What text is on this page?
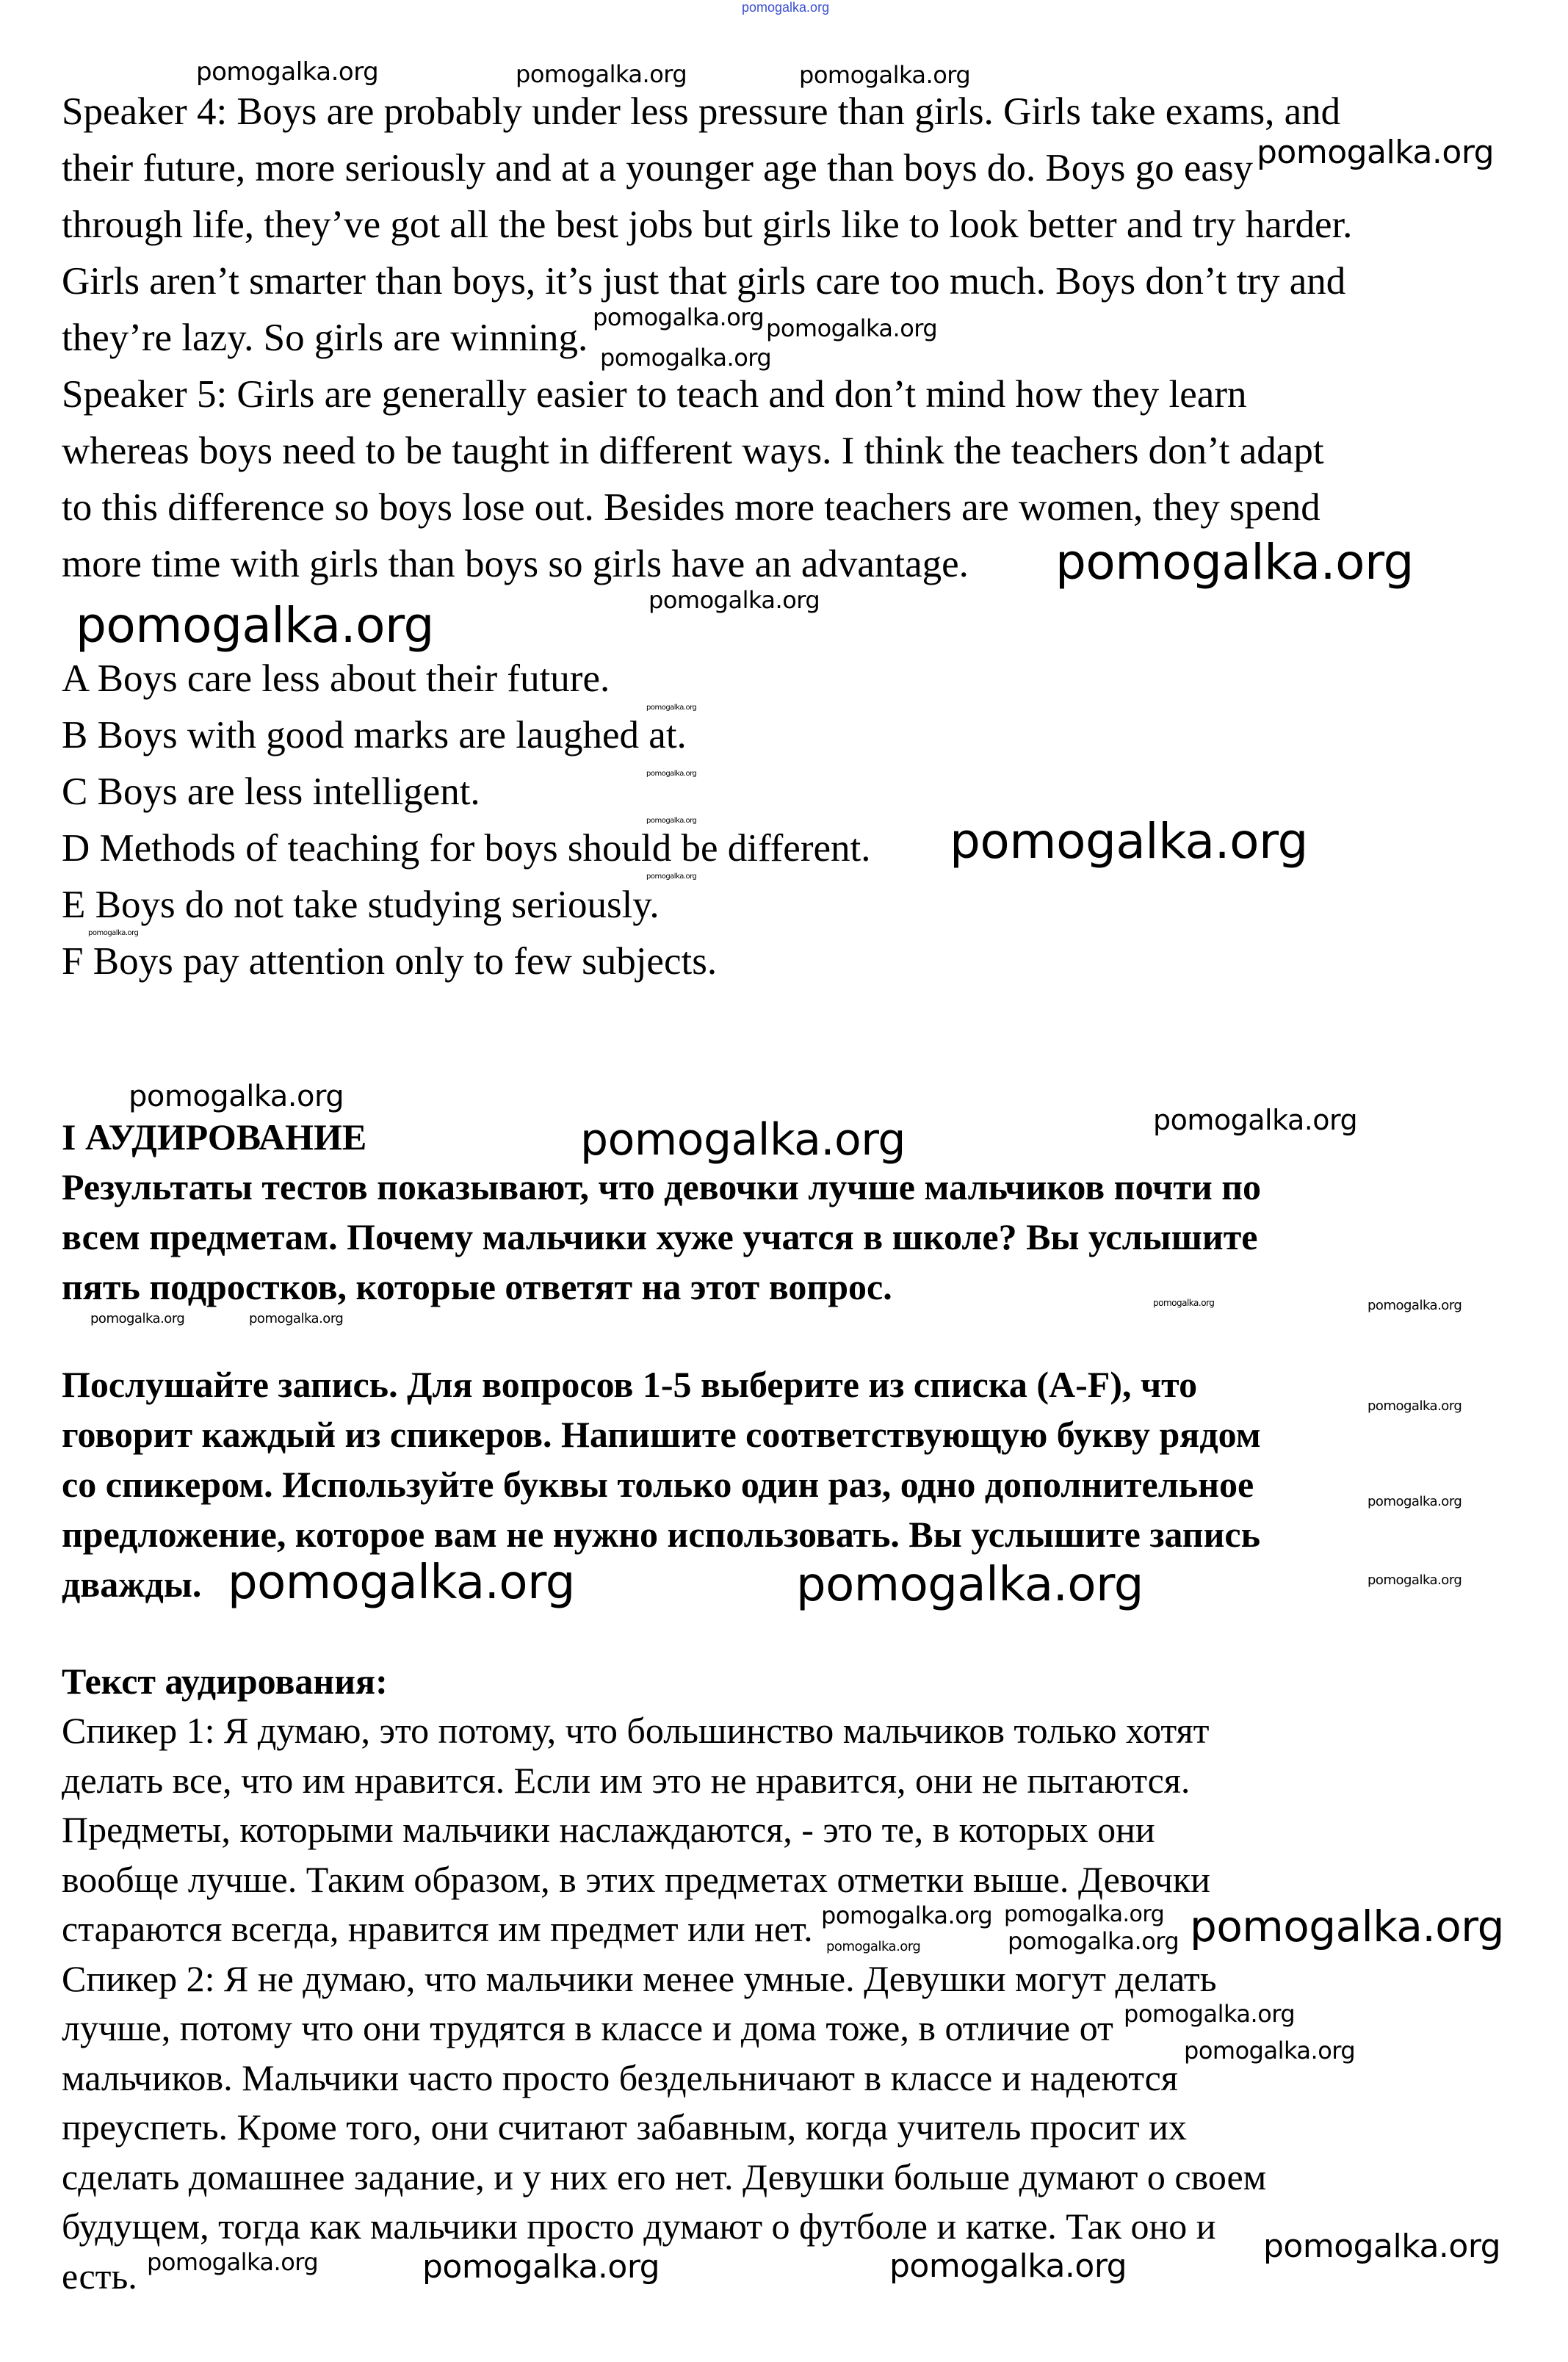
pomogalka.org
Speaker 4: Boys are probably under less pressure than girls. Girls take exams, and
their future, more seriously and at a younger age than boys do. Boys go easy
through life, they’ve got all the best jobs but girls like to look better and try harder.
Girls aren’t smarter than boys, it’s just that girls care too much. Boys don’t try and
they’re lazy. So girls are winning.
Speaker 5: Girls are generally easier to teach and don’t mind how they learn
whereas boys need to be taught in different ways. I think the teachers don’t adapt
to this difference so boys lose out. Besides more teachers are women, they spend
more time with girls than boys so girls have an advantage.
A Boys care less about their future.
B Boys with good marks are laughed at.
C Boys are less intelligent.
D Methods of teaching for boys should be different.
E Boys do not take studying seriously.
F Boys pay attention only to few subjects.
I АУДИРОВАНИЕ
Результаты тестов показывают, что девочки лучше мальчиков почти по
всем предметам. Почему мальчики хуже учатся в школе? Вы услышите
пять подростков, которые ответят на этот вопрос.
Послушайте запись. Для вопросов 1-5 выберите из списка (A-F), что
говорит каждый из спикеров. Напишите соответствующую букву рядом
со спикером. Используйте буквы только один раз, одно дополнительное
предложение, которое вам не нужно использовать. Вы услышите запись
дважды.
Текст аудирования:
Спикер 1: Я думаю, это потому, что большинство мальчиков только хотят
делать все, что им нравится. Если им это не нравится, они не пытаются.
Предметы, которыми мальчики наслаждаются, - это те, в которых они
вообще лучше. Таким образом, в этих предметах отметки выше. Девочки
стараются всегда, нравится им предмет или нет.
Спикер 2: Я не думаю, что мальчики менее умные. Девушки могут делать
лучше, потому что они трудятся в классе и дома тоже, в отличие от
мальчиков. Мальчики часто просто бездельничают в классе и надеются
преуспеть. Кроме того, они считают забавным, когда учитель просит их
сделать домашнее задание, и у них его нет. Девушки больше думают о своем
будущем, тогда как мальчики просто думают о футболе и катке. Так оно и
есть.
pomogalka.org	pomogalka.org
pomogalka.org
pomogalka.org
pomogalka.org
pomogalka.org
pomogalka.org
pomogalka.org
pomogalka.org
pomogalka.org
pomogalka.org
pomogalka.org
pomogalka.org
pomogalka.org
pomogalka.org
pomogalka.org
pomogalka.org
pomogalka.org
pomogalka.org
pomogalka.org	pomogalka.org
pomogalka.org	pomogalka.org
pomogalka.org
pomogalka.org
pomogalka.org
pomogalka.org	pomogalka.org
pomogalka.org pomogalka.org
pomogalka.org pomogalka.org
pomogalka.org
pomogalka.org
pomogalka.org
pomogalka.org	pomogalka.org	pomogalka.org
pomogalka.org
